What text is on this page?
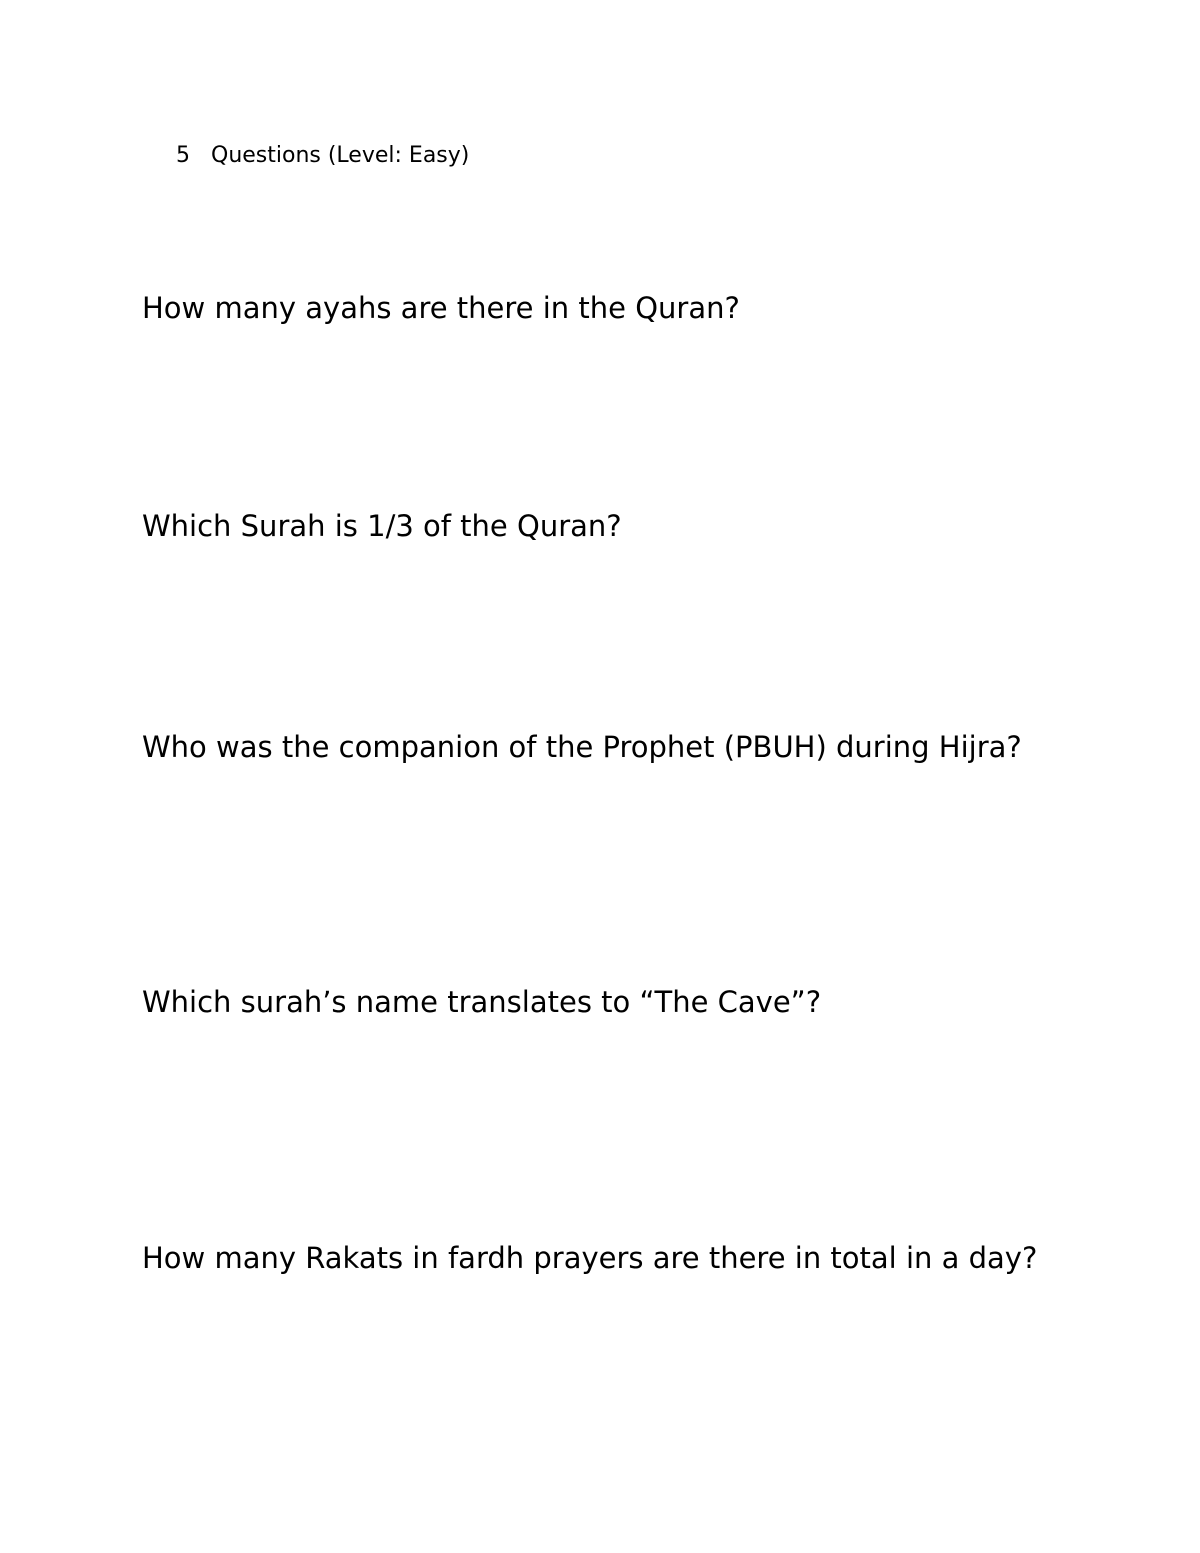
5 Questions (Level: Easy)

How many ayahs are there in the Quran?

Which Surah is 1/3 of the Quran?

Who was the companion of the Prophet (PBUH) during Hijra?

Which surah’s name translates to “The Cave”?

How many Rakats in fardh prayers are there in total in a day?
